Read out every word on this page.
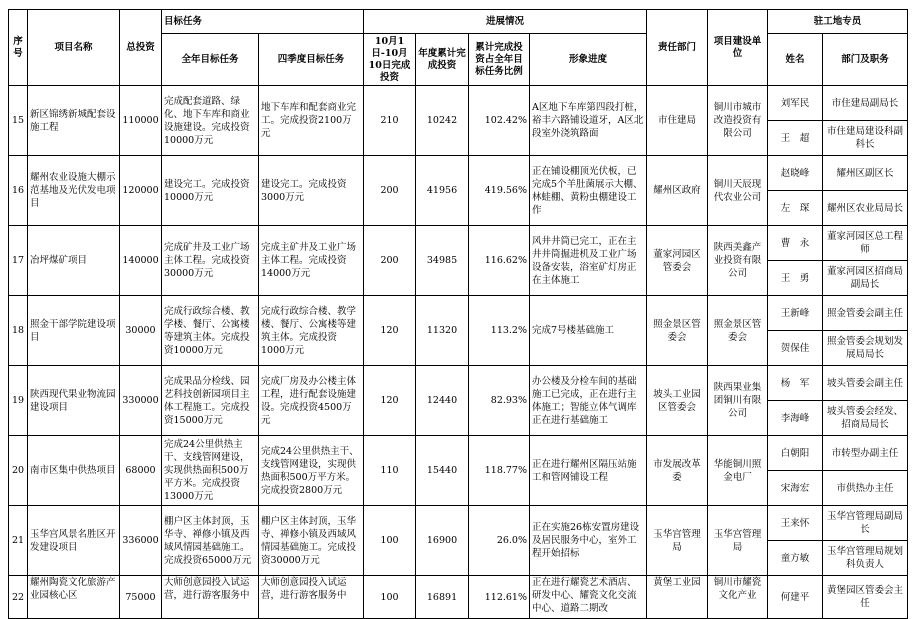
序号	项目名称	总投资	目标任务		进展情况				责任部门	项目建设单位	驻工地专员	
			全年目标任务	四季度目标任务	10月1日-10月10日完成投资	年度累计完成投资	累计完成投资占全年目标任务比例	形象进度			姓名	部门及职务
15	新区锦绣新城配套设施工程	110000	完成配套道路、绿化、地下车库和商业设施建设。完成投资10000万元	地下车库和配套商业完工。完成投资2100万元	210	10242	102.42%	A区地下车库第四段打桩，裕丰六路铺设道牙，A区北段室外浇筑路面	市住建局	铜川市城市改造投资有限公司	刘军民	市住建局副局长
											王　超	市住建局建设科副科长
16	耀州农业设施大棚示范基地及光伏发电项目	120000	建设完工。完成投资10000万元	建设完工。完成投资3000万元	200	41956	419.56%	正在铺设棚顶光伏板，已完成5个羊肚菌展示大棚、林蛙棚、黄粉虫棚建设工作	耀州区政府	铜川天辰现代农业公司	赵晓峰	耀州区副区长
											左　琛	耀州区农业局局长
17	冶坪煤矿项目	140000	完成矿井及工业广场主体工程。完成投资30000万元	完成主矿井及工业广场主体工程。完成投资14000万元	200	34985	116.62%	风井井筒已完工，正在主井井筒掘进机及工业广场设备安装，浴室矿灯房正在主体施工	董家河园区管委会	陕西美鑫产业投资有限公司	曹　永	董家河园区总工程师
											王　勇	董家河园区招商局副局长
18	照金干部学院建设项目	30000	完成行政综合楼、教学楼、餐厅、公寓楼等建筑主体。完成投资10000万元	完成行政综合楼、教学楼、餐厅、公寓楼等建筑主体。完成投资1000万元	120	11320	113.2%	完成7号楼基础施工	照金景区管委会	照金景区管委会	王新峰	照金管委会副主任
											贺保佳	照金管委会规划发展局局长
19	陕西现代果业物流园建设项目	330000	完成果品分检线、园艺科技创新园项目主体工程施工。完成投资15000万元	完成厂房及办公楼主体工程，进行配套设施建设。完成投资4500万元	120	12440	82.93%	办公楼及分检车间的基础施工已完成，正在进行主体施工；智能立体气调库正在进行基础施工	坡头工业园区管委会	陕西果业集团铜川有限公司	杨　军	坡头管委会副主任
											李海峰	坡头管委会经发、招商局局长
20	南市区集中供热项目	68000	完成24公里供热主干、支线管网建设，实现供热面积500万平方米。完成投资13000万元	完成24公里供热主干、支线管网建设，实现供热面积500万平方米。完成投资2800万元	110	15440	118.77%	正在进行耀州区隔压站施工和管网铺设工程	市发展改革委	华能铜川照金电厂	白朝阳	市转型办副主任
											宋海宏	市供热办主任
21	玉华宫风景名胜区开发建设项目	336000	棚户区主体封顶，玉华寺、禅修小镇及西域风情园基础施工。完成投资65000万元	棚户区主体封顶，玉华寺、禅修小镇及西域风情园基础施工。完成投资30000万元	100	16900	26.0%	正在实施26栋安置房建设及居民服务中心，室外工程开始招标	玉华宫管理局	玉华宫管理局	王来怀	玉华宫管理局副局长
											童方敏	玉华宫管理局规划科负责人
22	耀州陶瓷文化旅游产业园核心区	75000	大师创意园投入试运营，进行游客服务中	大师创意园投入试运营，进行游客服务中	100	16891	112.61%	正在进行耀瓷艺术酒店、研发中心、耀瓷文化交流中心、道路二期改	黄堡工业园	铜川市耀瓷文化产业	何建平	黄堡园区管委会主任
